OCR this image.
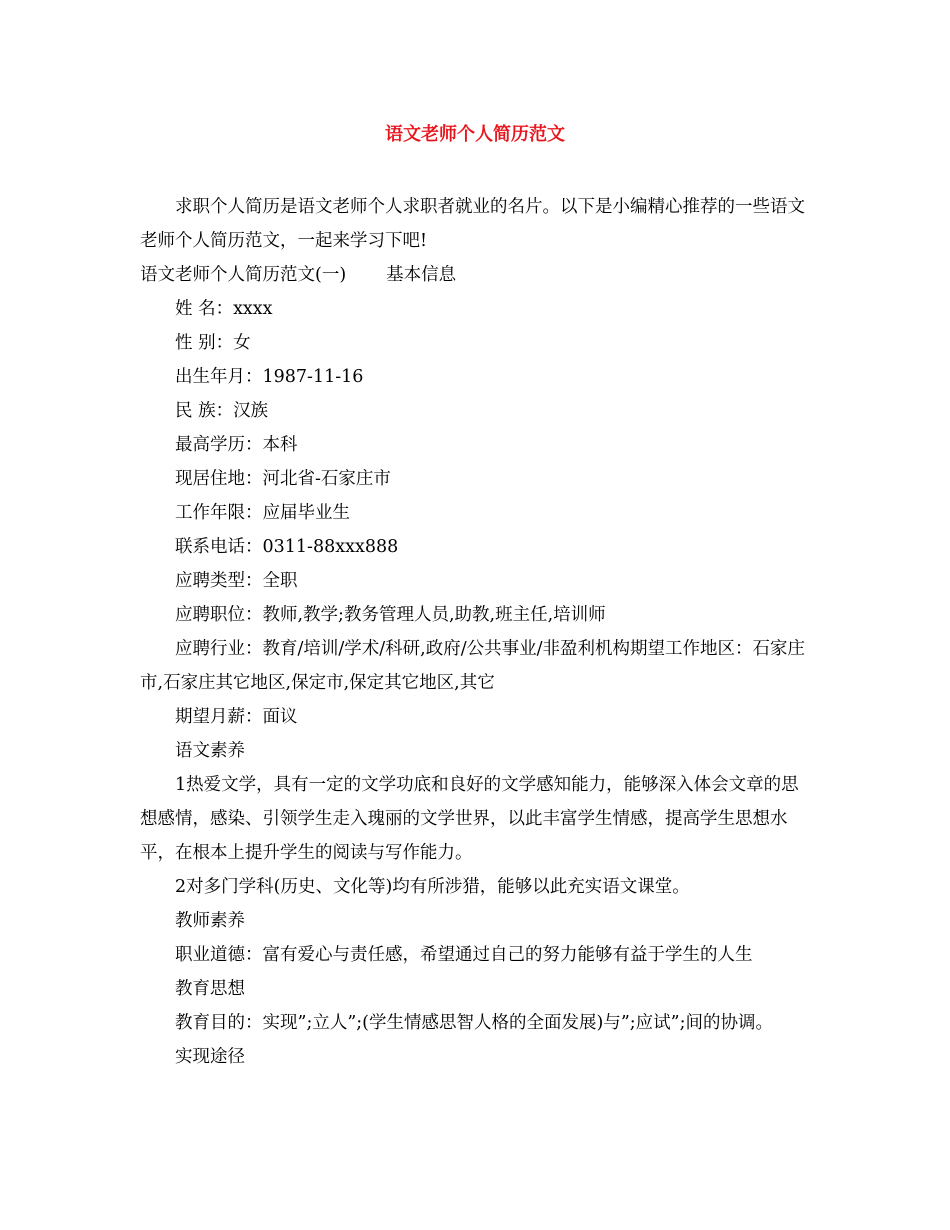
语文老师个人简历范文

求职个人简历是语文老师个人求职者就业的名片。以下是小编精心推荐的一些语文老师个人简历范文，一起来学习下吧!

语文老师个人简历范文(一) 基本信息

姓 名：xxxx

性 别：女

出生年月：1987-11-16

民 族：汉族

最高学历：本科

现居住地：河北省-石家庄市

工作年限：应届毕业生

联系电话：0311-88xxx888

应聘类型：全职

应聘职位：教师,教学;教务管理人员,助教,班主任,培训师

应聘行业：教育/培训/学术/科研,政府/公共事业/非盈利机构期望工作地区：石家庄市,石家庄其它地区,保定市,保定其它地区,其它

期望月薪：面议

语文素养

1热爱文学，具有一定的文学功底和良好的文学感知能力，能够深入体会文章的思想感情，感染、引领学生走入瑰丽的文学世界，以此丰富学生情感，提高学生思想水平，在根本上提升学生的阅读与写作能力。

2对多门学科(历史、文化等)均有所涉猎，能够以此充实语文课堂。

教师素养

职业道德：富有爱心与责任感，希望通过自己的努力能够有益于学生的人生

教育思想

教育目的：实现”;立人”;(学生情感思智人格的全面发展)与”;应试”;间的协调。

实现途径
